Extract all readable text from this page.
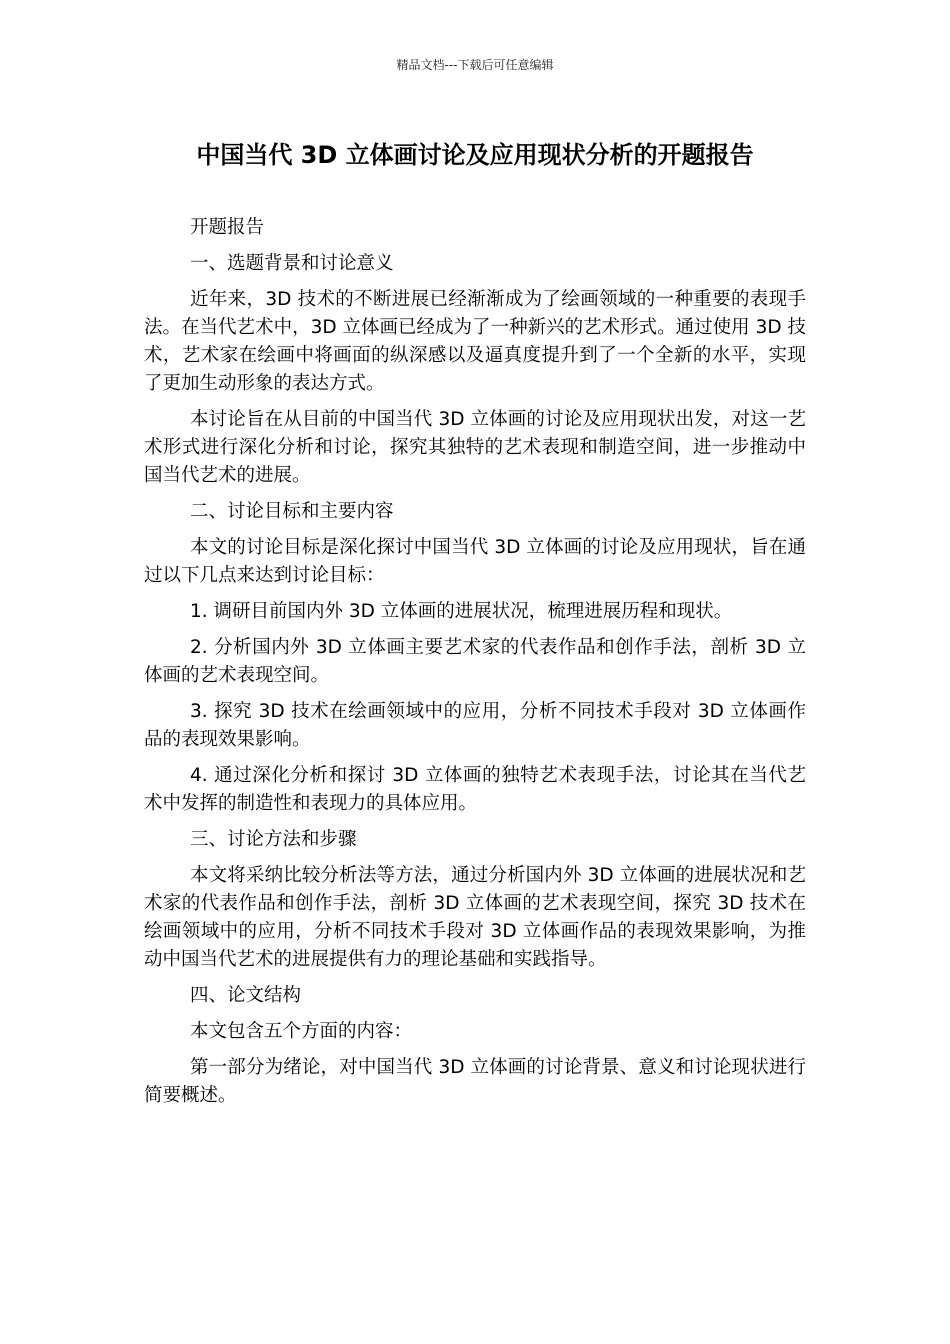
精品文档---下载后可任意编辑
中国当代 3D 立体画讨论及应用现状分析的开题报告

开题报告

一、选题背景和讨论意义

近年来，3D 技术的不断进展已经渐渐成为了绘画领域的一种重要的表现手法。在当代艺术中，3D 立体画已经成为了一种新兴的艺术形式。通过使用 3D 技术，艺术家在绘画中将画面的纵深感以及逼真度提升到了一个全新的水平，实现了更加生动形象的表达方式。

本讨论旨在从目前的中国当代 3D 立体画的讨论及应用现状出发，对这一艺术形式进行深化分析和讨论，探究其独特的艺术表现和制造空间，进一步推动中国当代艺术的进展。

二、讨论目标和主要内容

本文的讨论目标是深化探讨中国当代 3D 立体画的讨论及应用现状，旨在通过以下几点来达到讨论目标：

1. 调研目前国内外 3D 立体画的进展状况，梳理进展历程和现状。

2. 分析国内外 3D 立体画主要艺术家的代表作品和创作手法，剖析 3D 立体画的艺术表现空间。

3. 探究 3D 技术在绘画领域中的应用，分析不同技术手段对 3D 立体画作品的表现效果影响。

4. 通过深化分析和探讨 3D 立体画的独特艺术表现手法，讨论其在当代艺术中发挥的制造性和表现力的具体应用。

三、讨论方法和步骤

本文将采纳比较分析法等方法，通过分析国内外 3D 立体画的进展状况和艺术家的代表作品和创作手法，剖析 3D 立体画的艺术表现空间，探究 3D 技术在绘画领域中的应用，分析不同技术手段对 3D 立体画作品的表现效果影响，为推动中国当代艺术的进展提供有力的理论基础和实践指导。

四、论文结构

本文包含五个方面的内容：

第一部分为绪论，对中国当代 3D 立体画的讨论背景、意义和讨论现状进行简要概述。
